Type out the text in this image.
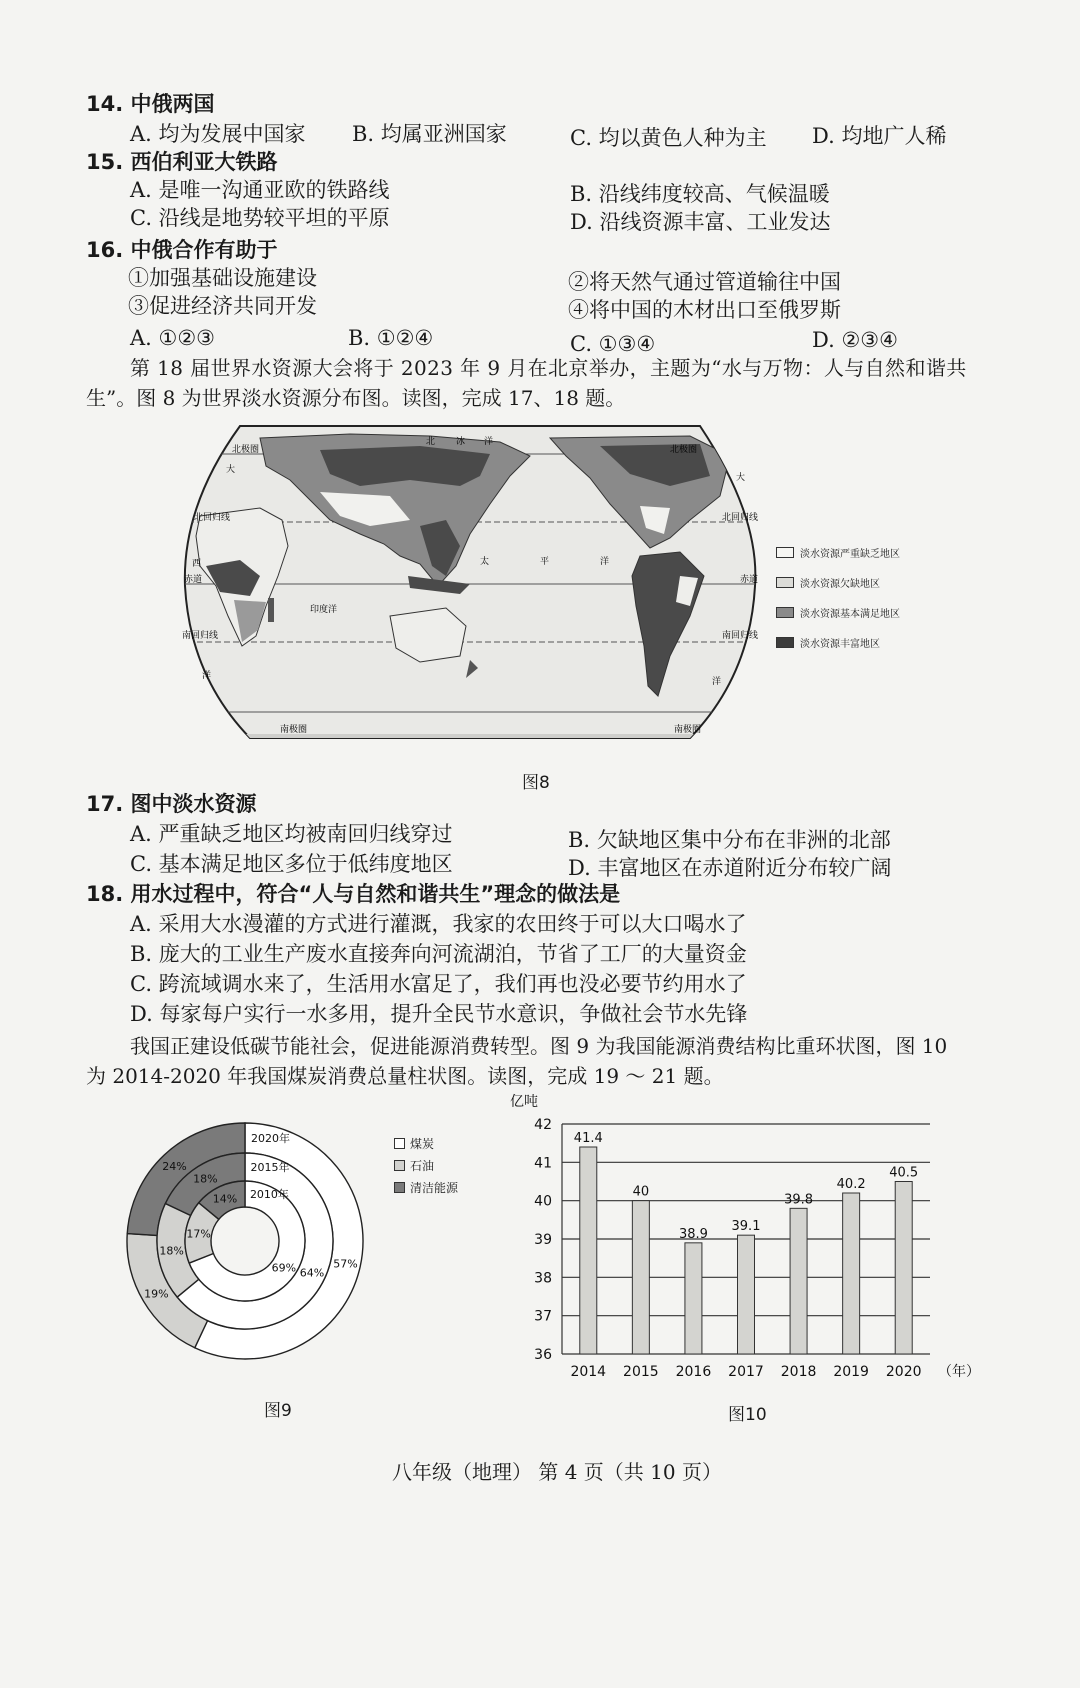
14. 中俄两国
A. 均为发展中国家 B. 均属亚洲国家	C. 均以黄色人种为主 D. 均地广人稀
15. 西伯利亚大铁路
A. 是唯一沟通亚欧的铁路线	B. 沿线纬度较高、气候温暖
C. 沿线是地势较平坦的平原	D. 沿线资源丰富、工业发达
16. 中俄合作有助于
①加强基础设施建设	②将天然气通过管道输往中国
③促进经济共同开发	④将中国的木材出口至俄罗斯
A. ①②③	B. ①②④	C. ①③④	D. ②③④
第 18 届世界水资源大会将于 2023 年 9 月在北京举办，主题为“水与万物：人与自然和谐共
生”。图 8 为世界淡水资源分布图。读图，完成 17、18 题。
北极圈	北极圈
北回归线	北回归线
赤道	赤道
南回归线	南回归线
南极圈	南极圈
北 冰 洋
太	平	洋
印度洋
大
大
西
洋
洋
淡水资源严重缺乏地区
淡水资源欠缺地区
淡水资源基本满足地区
淡水资源丰富地区
图8
17. 图中淡水资源
A. 严重缺乏地区均被南回归线穿过	B. 欠缺地区集中分布在非洲的北部
C. 基本满足地区多位于低纬度地区	D. 丰富地区在赤道附近分布较广阔
18. 用水过程中，符合“人与自然和谐共生”理念的做法是
A. 采用大水漫灌的方式进行灌溉，我家的农田终于可以大口喝水了
B. 庞大的工业生产废水直接奔向河流湖泊，节省了工厂的大量资金
C. 跨流域调水来了，生活用水富足了，我们再也没必要节约用水了
D. 每家每户实行一水多用，提升全民节水意识，争做社会节水先锋
我国正建设低碳节能社会，促进能源消费转型。图 9 为我国能源消费结构比重环状图，图 10
为 2014-2020 年我国煤炭消费总量柱状图。读图，完成 19 ～ 21 题。
57%
19%
24%
2020年
64%
18%
18%
2015年
69%
17%
14% 2010年
煤炭
石油
清洁能源
图9
亿吨
36
37
38
39
40
41
42
41.4
2014
40
2015
38.9
2016
39.1
2017
39.8
2018
40.2
2019
40.5
2020 （年）
图10
八年级（地理） 第 4 页（共 10 页）
